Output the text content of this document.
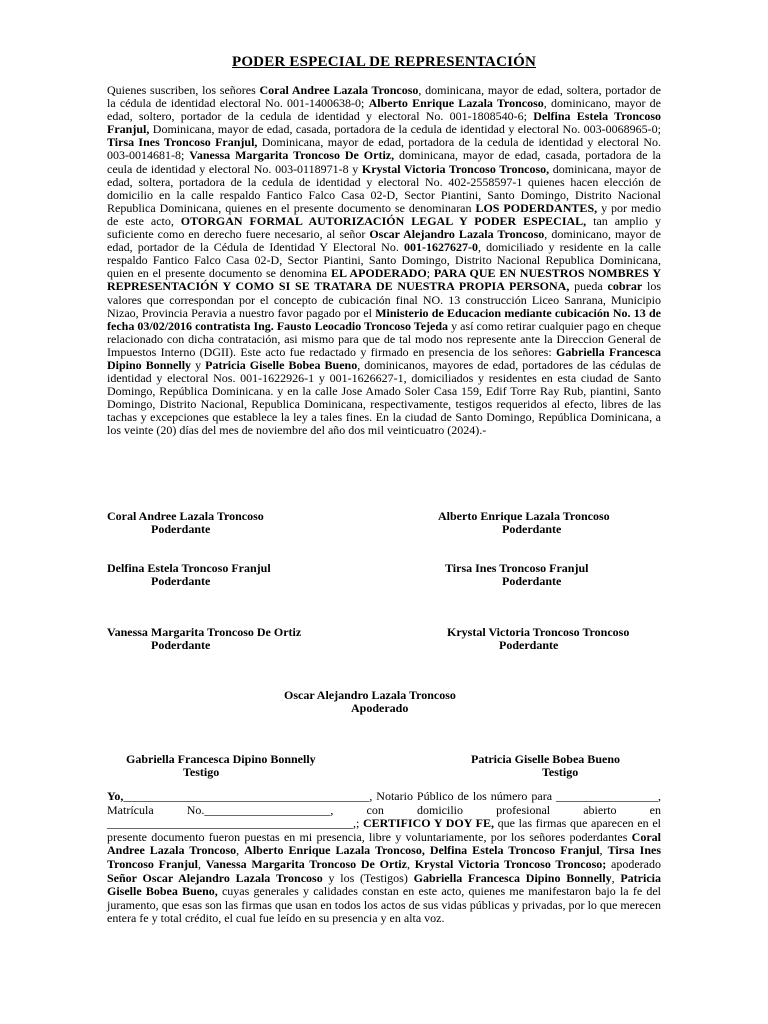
PODER ESPECIAL DE REPRESENTACIÓN
Quienes suscriben, los señores Coral Andree Lazala Troncoso, dominicana, mayor de edad, soltera, portador de la cédula de identidad electoral No. 001-1400638-0; Alberto Enrique Lazala Troncoso, dominicano, mayor de edad, soltero, portador de la cedula de identidad y electoral No. 001-1808540-6; Delfina Estela Troncoso Franjul, Dominicana, mayor de edad, casada, portadora de la cedula de identidad y electoral No. 003-0068965-0; Tirsa Ines Troncoso Franjul, Dominicana, mayor de edad, portadora de la cedula de identidad y electoral No. 003-0014681-8; Vanessa Margarita Troncoso De Ortiz, dominicana, mayor de edad, casada, portadora de la ceula de identidad y electoral No. 003-0118971-8 y Krystal Victoria Troncoso Troncoso, dominicana, mayor de edad, soltera, portadora de la cedula de identidad y electoral No. 402-2558597-1 quienes hacen elección de domicilio en la calle respaldo Fantico Falco Casa 02-D, Sector Piantini, Santo Domingo, Distrito Nacional Republica Dominicana, quienes en el presente documento se denominaran LOS PODERDANTES, y por medio de este acto, OTORGAN FORMAL AUTORIZACIÓN LEGAL Y PODER ESPECIAL, tan amplio y suficiente como en derecho fuere necesario, al señor Oscar Alejandro Lazala Troncoso, dominicano, mayor de edad, portador de la Cédula de Identidad Y Electoral No. 001-1627627-0, domiciliado y residente en la calle respaldo Fantico Falco Casa 02-D, Sector Piantini, Santo Domingo, Distrito Nacional Republica Dominicana, quien en el presente documento se denomina EL APODERADO; PARA QUE EN NUESTROS NOMBRES Y REPRESENTACIÓN Y COMO SI SE TRATARA DE NUESTRA PROPIA PERSONA, pueda cobrar los valores que correspondan por el concepto de cubicación final NO. 13 construcción Liceo Sanrana, Municipio Nizao, Provincia Peravia a nuestro favor pagado por el Ministerio de Educacion mediante cubicación No. 13 de fecha 03/02/2016 contratista Ing. Fausto Leocadio Troncoso Tejeda y así como retirar cualquier pago en cheque relacionado con dicha contratación, asi mismo para que de tal modo nos represente ante la Direccion General de Impuestos Interno (DGII). Este acto fue redactado y firmado en presencia de los señores: Gabriella Francesca Dipino Bonnelly y Patricia Giselle Bobea Bueno, dominicanos, mayores de edad, portadores de las cédulas de identidad y electoral Nos. 001-1622926-1 y 001-1626627-1, domiciliados y residentes en esta ciudad de Santo Domingo, República Dominicana. y en la calle Jose Amado Soler Casa 159, Edif Torre Ray Rub, piantini, Santo Domingo, Distrito Nacional, Republica Dominicana, respectivamente, testigos requeridos al efecto, libres de las tachas y excepciones que establece la ley a tales fines. En la ciudad de Santo Domingo, República Dominicana, a los veinte (20) días del mes de noviembre del año dos mil veinticuatro (2024).-
Coral Andree Lazala Troncoso
Poderdante
Alberto Enrique Lazala Troncoso
Poderdante
Delfina Estela Troncoso Franjul
Poderdante
Tirsa Ines Troncoso Franjul
Poderdante
Vanessa Margarita Troncoso De Ortiz
Poderdante
Krystal Victoria Troncoso Troncoso
Poderdante
Oscar Alejandro Lazala Troncoso
Apoderado
Gabriella Francesca Dipino Bonnelly
Testigo
Patricia Giselle Bobea Bueno
Testigo
Yo,_________________________________________, Notario Público de los número para _________________, Matrícula No._____________________, con domicilio profesional abierto en _________________________________________,; CERTIFICO Y DOY FE, que las firmas que aparecen en el presente documento fueron puestas en mi presencia, libre y voluntariamente, por los señores poderdantes Coral Andree Lazala Troncoso, Alberto Enrique Lazala Troncoso, Delfina Estela Troncoso Franjul, Tirsa Ines Troncoso Franjul, Vanessa Margarita Troncoso De Ortiz, Krystal Victoria Troncoso Troncoso; apoderado Señor Oscar Alejandro Lazala Troncoso y los (Testigos) Gabriella Francesca Dipino Bonnelly, Patricia Giselle Bobea Bueno, cuyas generales y calidades constan en este acto, quienes me manifestaron bajo la fe del juramento, que esas son las firmas que usan en todos los actos de sus vidas públicas y privadas, por lo que merecen entera fe y total crédito, el cual fue leído en su presencia y en alta voz.
